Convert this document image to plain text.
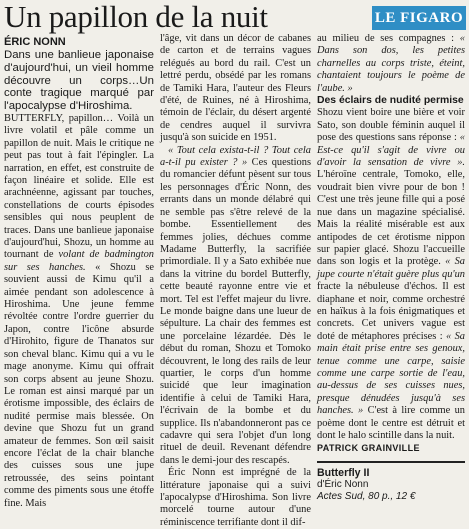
Un papillon de la nuit	LE FIGARO

ÉRIC NONN

Dans une banlieue japonaise d'aujourd'hui, un vieil homme découvre un corps…Un conte tragique marqué par l'apocalypse d'Hiroshima.

BUTTERFLY, papillon… Voilà un livre volatil et pâle comme un papillon de nuit. Mais le critique ne peut pas tout à fait l'épingler. La narration, en effet, est construite de façon linéaire et solide. Elle est arachnéenne, agissant par touches, constellations de courts épisodes sensibles qui nous peuplent de traces. Dans une banlieue japonaise d'aujourd'hui, Shozu, un homme au tournant de volant de badmington sur ses hanches. « Shozu se souvient aussi de Kimu qu'il a aimée pendant son adolescence à Hiroshima. Une jeune femme révoltée contre l'ordre guerrier du Japon, contre l'icône absurde d'Hirohito, figure de Thanatos sur son cheval blanc. Kimu qui a vu le mage anonyme. Kimu qui offrait son corps absent au jeune Shozu. Le roman est ainsi marqué par un érotisme impossible, des éclairs de nudité permise mais blessée. On devine que Shozu fut un grand amateur de femmes. Son œil saisit encore l'éclat de la chair blanche des cuisses sous une jupe retroussée, des seins pointant comme des piments sous une étoffe fine. Mais

l'âge, vit dans un décor de cabanes de carton et de terrains vagues relégués au bord du rail. C'est un lettré perdu, obsédé par les romans de Tamiki Hara, l'auteur des Fleurs d'été, de Ruines, né à Hiroshima, témoin de l'éclair, du désert argenté de cendres auquel il survivra jusqu'à son suicide en 1951.

« Tout cela exista-t-il ? Tout cela a-t-il pu exister ? » Ces questions du romancier défunt pèsent sur tous les personnages d'Éric Nonn, des errants dans un monde délabré qui ne semble pas s'être relevé de la bombe. Essentiellement des femmes jolies, déchues comme Madame Butterfly, la sacrifiée primordiale. Il y a Sato exhibée nue dans la vitrine du bordel Butterfly, cette beauté rayonne entre vie et mort. Tel est l'effet majeur du livre. Le monde baigne dans une lueur de sépulture. La chair des femmes est une porcelaine lézardée. Dès le début du roman, Shozu et Tomoko découvrent, le long des rails de leur quartier, le corps d'un homme suicidé que leur imagination identifie à celui de Tamiki Hara, l'écrivain de la bombe et du supplice. Ils n'abandonneront pas ce cadavre qui sera l'objet d'un long rituel de deuil. Revenant défendre dans le demi-jour des rescapés.

Éric Nonn est imprégné de la littérature japonaise qui a suivi l'apocalypse d'Hiroshima. Son livre morcelé tourne autour d'une réminiscence terrifiante dont il dif-

au milieu de ses compagnes : « Dans son dos, les petites charnelles au corps triste, éteint, chantaient toujours le poème de l'aube. »

Des éclairs de nudité permise

Shozu vient boire une bière et voir Sato, son double féminin auquel il pose des questions sans réponse : « Est-ce qu'il s'agit de vivre ou d'avoir la sensation de vivre ». L'héroïne centrale, Tomoko, elle, voudrait bien vivre pour de bon ! C'est une très jeune fille qui a posé nue dans un magazine spécialisé. Mais la réalité misérable est aux antipodes de cet érotisme nippon sur papier glacé. Shozu l'accueille dans son logis et la protège. « Sa jupe courte n'était guère plus qu'un fracte la nébuleuse d'échos. Il est diaphane et noir, comme orchestré en haïkus à la fois énigmatiques et concrets. Cet univers vague est doté de métaphores précises : « Sa main était prise entre ses genoux, tenue comme une carpe, saisie comme une carpe sortie de l'eau, au-dessus de ses cuisses nues, presque dénudées jusqu'à ses hanches. » C'est à lire comme un poème dont le centre est détruit et dont le halo scintille dans la nuit.

PATRICK GRAINVILLE

Butterfly II

d'Éric Nonn

Actes Sud, 80 p., 12 €
